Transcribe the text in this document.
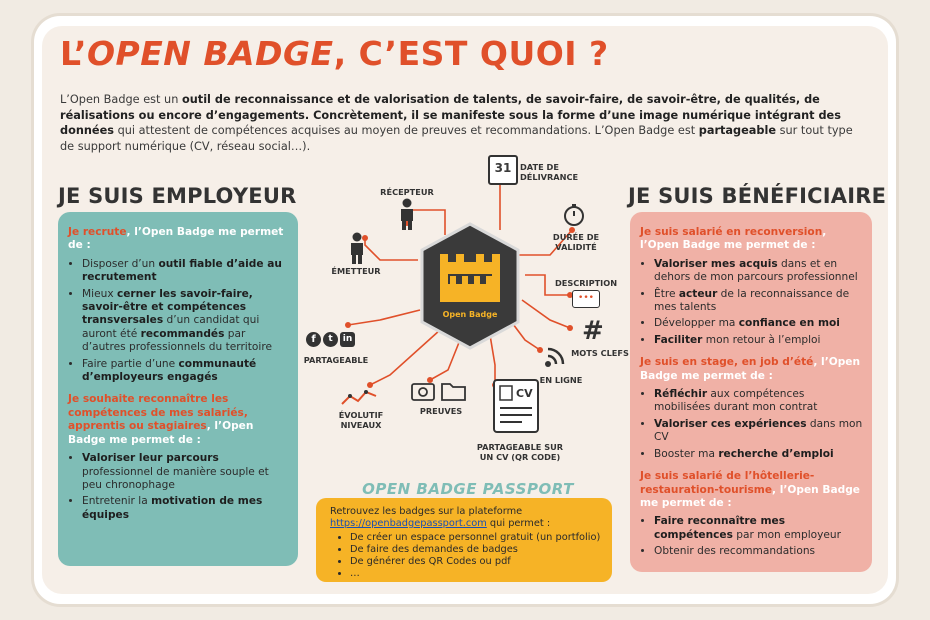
L’OPEN BADGE, C’EST QUOI ?

L’Open Badge est un outil de reconnaissance et de valorisation de talents, de savoir-faire, de savoir-être, de qualités, de réalisations ou encore d’engagements. Concrètement, il se manifeste sous la forme d’une image numérique intégrant des données qui attestent de compétences acquises au moyen de preuves et recommandations. L’Open Badge est partageable sur tout type de support numérique (CV, réseau social…).

JE SUIS EMPLOYEUR

Je recrute, l’Open Badge me permet de :

• Disposer d’un outil fiable d’aide au recrutement
• Mieux cerner les savoir-faire, savoir-être et compétences transversales d’un candidat qui auront été recommandés par d’autres professionnels du territoire
• Faire partie d’une communauté d’employeurs engagés

Je souhaite reconnaître les compétences de mes salariés, apprentis ou stagiaires, l’Open Badge me permet de :

• Valoriser leur parcours professionnel de manière souple et peu chronophage
• Entretenir la motivation de mes équipes
JE SUIS BÉNÉFICIAIRE

Je suis salarié en reconversion, l’Open Badge me permet de :

• Valoriser mes acquis dans et en dehors de mon parcours professionnel
• Être acteur de la reconnaissance de mes talents
• Développer ma confiance en moi
• Faciliter mon retour à l’emploi

Je suis en stage, en job d’été, l’Open Badge me permet de :

• Réfléchir aux compétences mobilisées durant mon contrat
• Valoriser ces expériences dans mon CV
• Booster ma recherche d’emploi

Je suis salarié de l’hôtellerie-restauration-tourisme, l’Open Badge me permet de :

• Faire reconnaître mes compétences par mon employeur
• Obtenir des recommandations
Open Badge
31	DATE DE DÉLIVRANCE
RÉCEPTEUR
ÉMETTEUR
DURÉE DE VALIDITÉ
DESCRIPTION
•••
#
MOTS CLEFS
EN LIGNE
f	t	in
PARTAGEABLE
ÉVOLUTIF NIVEAUX
PREUVES
CV
PARTAGEABLE SUR UN CV (QR CODE)
OPEN BADGE PASSPORT

Retrouvez les badges sur la plateforme https://openbadgepassport.com qui permet :

• De créer un espace personnel gratuit (un portfolio)
• De faire des demandes de badges
• De générer des QR Codes ou pdf
• …
